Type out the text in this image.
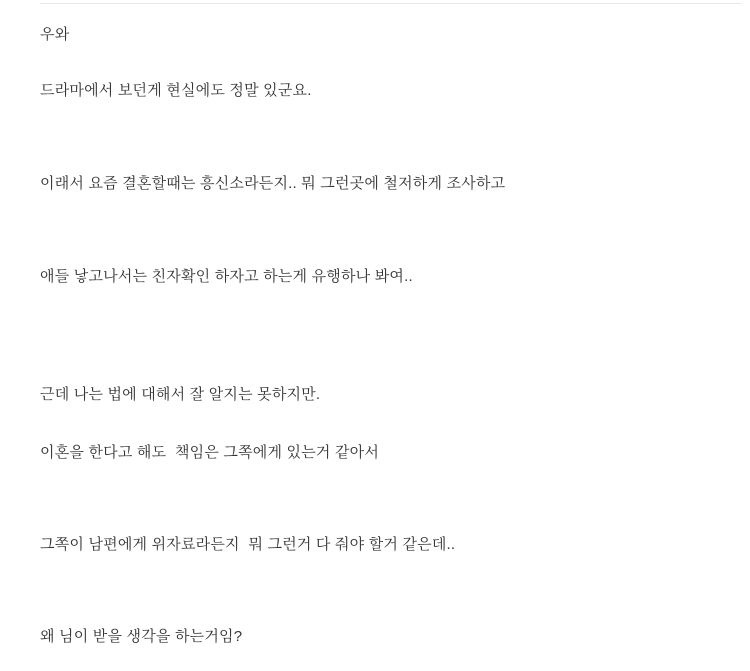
우와

드라마에서 보던게 현실에도 정말 있군요.

이래서 요즘 결혼할때는 흥신소라든지.. 뭐 그런곳에 철저하게 조사하고

애들 낳고나서는 친자확인 하자고 하는게 유행하나 봐여..

근데 나는 법에 대해서 잘 알지는 못하지만.

이혼을 한다고 해도  책임은 그쪽에게 있는거 같아서

그쪽이 남편에게 위자료라든지  뭐 그런거 다 줘야 할거 같은데..

왜 님이 받을 생각을 하는거임?
